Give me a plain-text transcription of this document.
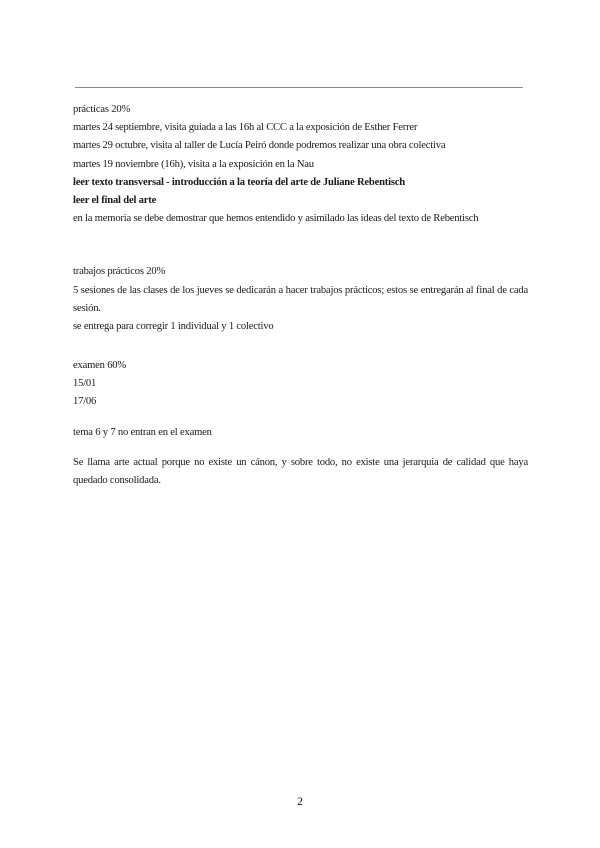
prácticas 20%
martes 24 septiembre, visita guiada a las 16h al CCC a la exposición de Esther Ferrer
martes 29 octubre, visita al taller de Lucía Peiró donde podremos realizar una obra colectiva
martes 19 noviembre (16h), visita a la exposición en la Nau
leer texto transversal - introducción a la teoría del arte de Juliane Rebentisch
leer el final del arte
en la memoria se debe demostrar que hemos entendido y asimilado las ideas del texto de Rebentisch
trabajos prácticos 20%
5 sesiones de las clases de los jueves se dedicarán a hacer trabajos prácticos; estos se entregarán al final de cada sesión.
se entrega para corregir 1 individual y 1 colectivo
examen 60%
15/01
17/06
tema 6 y 7 no entran en el examen
Se llama arte actual porque no existe un cánon, y sobre todo, no existe una jerarquía de calidad que haya quedado consolidada.
2
